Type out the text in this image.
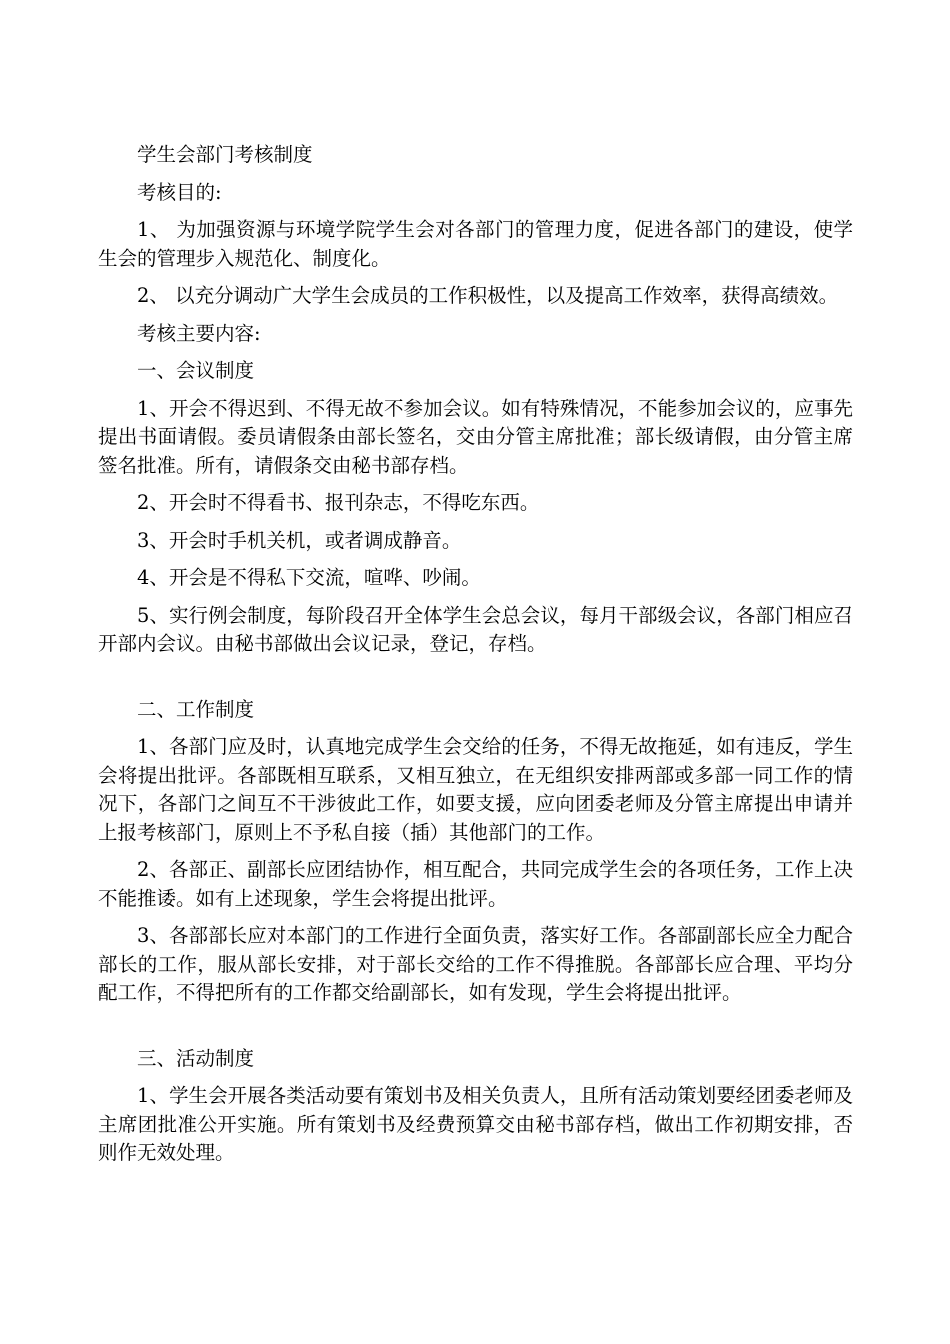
学生会部门考核制度

考核目的:

1、 为加强资源与环境学院学生会对各部门的管理力度，促进各部门的建设，使学生会的管理步入规范化、制度化。

2、 以充分调动广大学生会成员的工作积极性，以及提高工作效率，获得高绩效。

考核主要内容:

一、会议制度

1、开会不得迟到、不得无故不参加会议。如有特殊情况，不能参加会议的，应事先提出书面请假。委员请假条由部长签名，交由分管主席批准；部长级请假，由分管主席签名批准。所有，请假条交由秘书部存档。

2、开会时不得看书、报刊杂志，不得吃东西。

3、开会时手机关机，或者调成静音。

4、开会是不得私下交流，喧哗、吵闹。

5、实行例会制度，每阶段召开全体学生会总会议，每月干部级会议，各部门相应召开部内会议。由秘书部做出会议记录，登记，存档。

二、工作制度

1、各部门应及时，认真地完成学生会交给的任务，不得无故拖延，如有违反，学生会将提出批评。各部既相互联系，又相互独立，在无组织安排两部或多部一同工作的情况下，各部门之间互不干涉彼此工作，如要支援，应向团委老师及分管主席提出申请并上报考核部门，原则上不予私自接（插）其他部门的工作。

2、各部正、副部长应团结协作，相互配合，共同完成学生会的各项任务，工作上决不能推诿。如有上述现象，学生会将提出批评。

3、各部部长应对本部门的工作进行全面负责，落实好工作。各部副部长应全力配合部长的工作，服从部长安排，对于部长交给的工作不得推脱。各部部长应合理、平均分配工作，不得把所有的工作都交给副部长，如有发现，学生会将提出批评。

三、活动制度

1、学生会开展各类活动要有策划书及相关负责人，且所有活动策划要经团委老师及主席团批准公开实施。所有策划书及经费预算交由秘书部存档，做出工作初期安排，否则作无效处理。
